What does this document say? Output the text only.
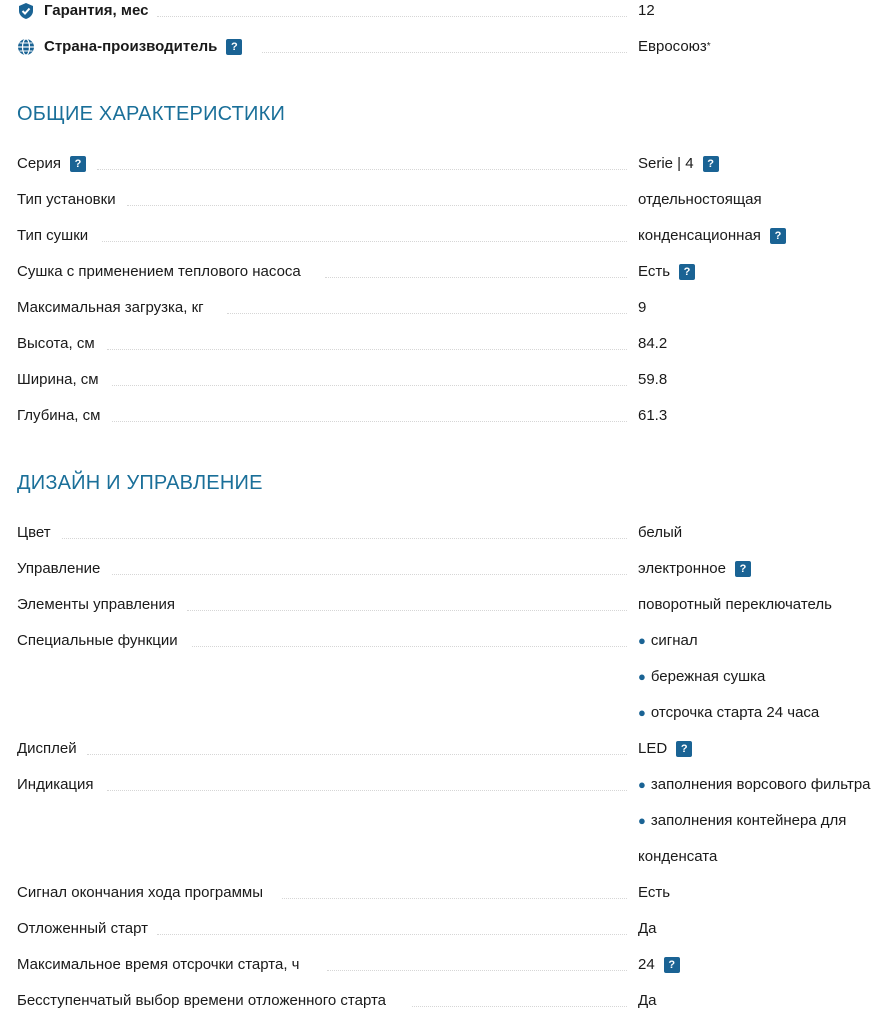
Гарантия, мес	12
Страна-производитель	?	Евросоюз *
ОБЩИЕ ХАРАКТЕРИСТИКИ
Серия	?	Serie | 4	?
Тип установки	отдельностоящая
Тип сушки	конденсационная	?
Сушка с применением теплового насоса	Есть	?
Максимальная загрузка, кг	9
Высота, см	84.2
Ширина, см	59.8
Глубина, см	61.3
ДИЗАЙН И УПРАВЛЕНИЕ
Цвет	белый
Управление	электронное	?
Элементы управления	поворотный переключатель
Специальные функции	● сигнал
● бережная сушка
● отсрочка старта 24 часа
Дисплей	LED	?
Индикация	● заполнения ворсового фильтра
● заполнения контейнера для
конденсата
Сигнал окончания хода программы	Есть
Отложенный старт	Да
Максимальное время отсрочки старта, ч	24	?
Бесступенчатый выбор времени отложенного старта	Да
